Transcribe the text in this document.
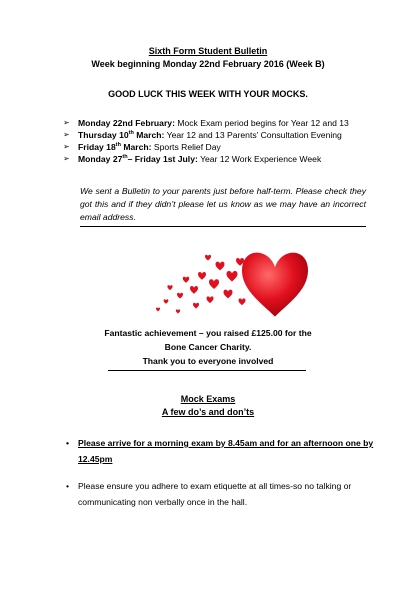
Sixth Form Student Bulletin
Week beginning Monday 22nd February 2016 (Week B)
GOOD LUCK THIS WEEK WITH YOUR MOCKS.
➢ Monday 22nd February: Mock Exam period begins for Year 12 and 13
➢ Thursday 10th March: Year 12 and 13 Parents’ Consultation Evening
➢ Friday 18th March: Sports Relief Day
➢ Monday 27th– Friday 1st July: Year 12 Work Experience Week
We sent a Bulletin to your parents just before half-term. Please check they got this and if they didn’t please let us know as we may have an incorrect email address.
Fantastic achievement – you raised £125.00 for the
Bone Cancer Charity.
Thank you to everyone involved
Mock Exams
A few do’s and don’ts
• Please arrive for a morning exam by 8.45am and for an afternoon one by 12.45pm
• Please ensure you adhere to exam etiquette at all times-so no talking or communicating non verbally once in the hall.
